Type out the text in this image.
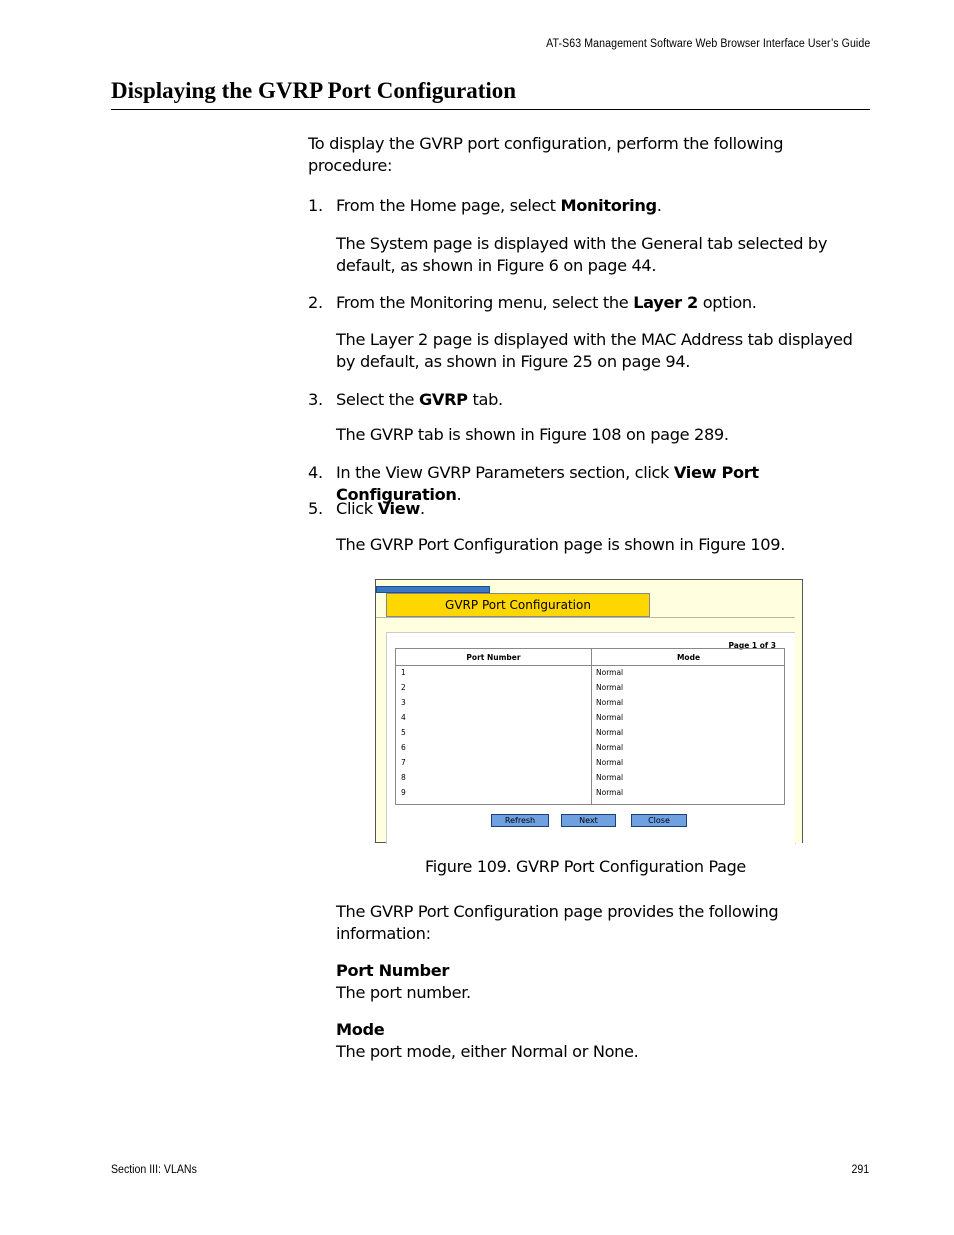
AT-S63 Management Software Web Browser Interface User’s Guide
Displaying the GVRP Port Configuration
To display the GVRP port configuration, perform the following procedure:
1. From the Home page, select Monitoring.
The System page is displayed with the General tab selected by default, as shown in Figure 6 on page 44.
2. From the Monitoring menu, select the Layer 2 option.
The Layer 2 page is displayed with the MAC Address tab displayed by default, as shown in Figure 25 on page 94.
3. Select the GVRP tab.
The GVRP tab is shown in Figure 108 on page 289.
4. In the View GVRP Parameters section, click View Port Configuration.
5. Click View.
The GVRP Port Configuration page is shown in Figure 109.
GVRP Port Configuration
Page 1 of 3
Port Number	Mode
1	Normal
2	Normal
3	Normal
4	Normal
5	Normal
6	Normal
7	Normal
8	Normal
9	Normal
Refresh	Next	Close
Figure 109. GVRP Port Configuration Page
The GVRP Port Configuration page provides the following information:
Port Number
The port number.
Mode
The port mode, either Normal or None.
Section III: VLANs	291
